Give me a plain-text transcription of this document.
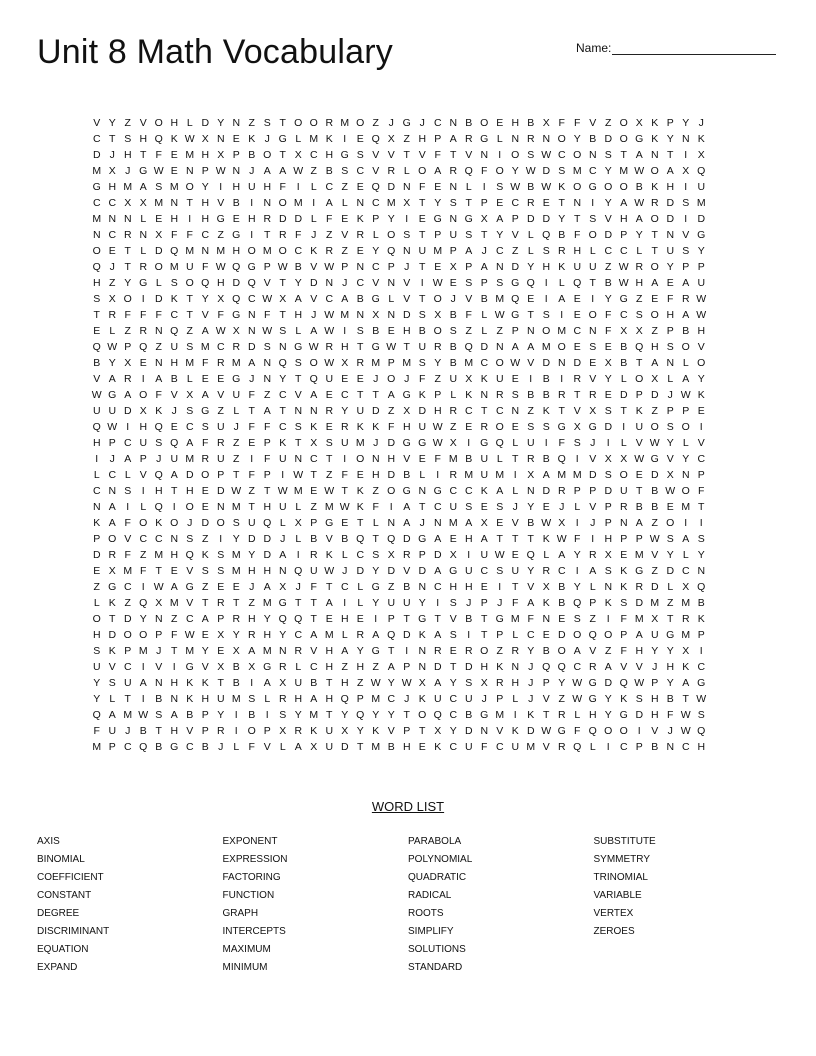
Unit 8 Math Vocabulary	Name:
V Y Z V O H L D Y N Z S T O O R M O Z J G J C N B O E H B X F F V Z O X K P Y J
C T S H Q K W X N E K J G L M K	I	E Q X Z H P A R G L N R N O Y B D O G K Y N K
D J H T F E M H X P B O T X C H G S V V T V F T V N I O S W C O N S T A N T	I	X
M X J G W E N P W N J A A W Z B S C V R L O A R Q F O Y W D S M C Y M W O A X Q
G H M A S M O Y	I H U H F	I	L C Z E Q D N F E N L	I	S W B W K O G O O B K H I U
C C X X M N T H V B	I N O M I	A L N C M X T Y S T P E C R E T N I	Y A W R D S M
M N N L E H I H G E H R D D L F E K P Y	I	E G N G X A P D D Y T S V H A O D I D
N C R N X F F C Z G I	T R F J Z V R L O S T P U S T Y V L Q B F O D P Y T N V G
O E T L D Q M N M H O M O C K R Z E Y Q N U M P A J C Z L S R H L C C L T U S Y
Q J T R O M U F W Q G P W B V W P N C P J T E X P A N D Y H K U U Z W R O Y P P
H Z Y G L S O Q H D Q V T Y D N J C V N V	I W E S P S G Q I	L Q T B W H A E A U
S X O I D K T Y X Q C W X A V C A B G L V T O J V B M Q E	I	A E	I	Y G Z E F R W
T R F F F C T V F G N F T H J W M N X N D S X B F L W G T S	I	E O F C S O H A W
E L Z R N Q Z A W X N W S L A W I	S B E H B O S Z L Z P N O M C N F X X Z P B H
Q W P Q Z U S M C R D S N G W R H T G W T U R B Q D N A A M O E S E B Q H S O V
B Y X E N H M F R M A N Q S O W X R M P M S Y B M C O W V D N D E X B T A N L O
V A R I	A B L E E G J N Y T Q U E E J O J F Z U X K U E	I	B	I R V Y L O X L A Y
W G A O F V X A V U F Z C V A E C T T A G K P L K N R S B B R T R E D P D J W K
U U D X K J S G Z L T A T N N R Y U D Z X D H R C T C N Z K T V X S T K Z P P E
Q W I H Q E C S U J F F C S K E R K K F H U W Z E R O E S S G X G D I U O S O I
H P C U S Q A F R Z E P K T X S U M J D G G W X	I G Q L U I	F S J	I	L V W Y L V
I	J A P J U M R U Z	I	F U N C T	I O N H V E F M B U L T R B Q I	V X X W G V Y C
L C L V Q A D O P T F P	I W T Z F E H D B L	I R M U M I	X A M M D S O E D X N P
C N S	I H T H E D W Z T W M E W T K Z O G N G C C K A L N D R P P D U T B W O F
N A	I	L Q I O E N M T H U L Z M W K F	I	A T C U S E S J Y E J L V P R B B E M T
K A F O K O J D O S U Q L X P G E T L N A J N M A X E V B W X	I	J P N A Z O I	I
P O V C C N S Z	I	Y D D J L B V B Q T Q D G A E H A T T T K W F	I H P P W S A S
D R F Z M H Q K S M Y D A	I R K L C S X R P D X	I U W E Q L A Y R X E M V Y L Y
E X M F T E V S S M H H N Q U W J D Y D V D A G U C S U Y R C I	A S K G Z D C N
Z G C I W A G Z E E J A X J F T C L G Z B N C H H E	I	T V X B Y L N K R D L X Q
L K Z Q X M V T R T Z M G T T A	I	L Y U U Y	I	S J P J F A K B Q P K S D M Z M B
O T D Y N Z C A P R H Y Q Q T E H E	I	P T G T V B T G M F N E S Z	I	F M X T R K
H D O O P F W E X Y R H Y C A M L R A Q D K A S	I	T P L C E D O Q O P A U G M P
S K P M J T M Y E X A M N R V H A Y G T	I N R E R O Z R Y B O A V Z F H Y Y X	I
U V C I	V	I G V X B X G R L C H Z H Z A P N D T D H K N J Q Q C R A V V J H K C
Y S U A N H K K T B	I	A X U B T H Z W Y W X A Y S X R H J P Y W G D Q W P Y A G
Y L T	I	B N K H U M S L R H A H Q P M C J K U C U J P L J V Z W G Y K S H B T W
Q A M W S A B P Y	I	B	I	S Y M T Y Q Y Y T O Q C B G M I	K T R L H Y G D H F W S
F U J B T H V P R I O P X R K U X Y K V P T X Y D N V K D W G F Q O O I	V J W Q
M P C Q B G C B J L F V L A X U D T M B H E K C U F C U M V R Q L	I C P B N C H
WORD LIST
AXIS
BINOMIAL
COEFFICIENT
CONSTANT
DEGREE
DISCRIMINANT
EQUATION
EXPAND
EXPONENT
EXPRESSION
FACTORING
FUNCTION
GRAPH
INTERCEPTS
MAXIMUM
MINIMUM
PARABOLA
POLYNOMIAL
QUADRATIC
RADICAL
ROOTS
SIMPLIFY
SOLUTIONS
STANDARD
SUBSTITUTE
SYMMETRY
TRINOMIAL
VARIABLE
VERTEX
ZEROES
